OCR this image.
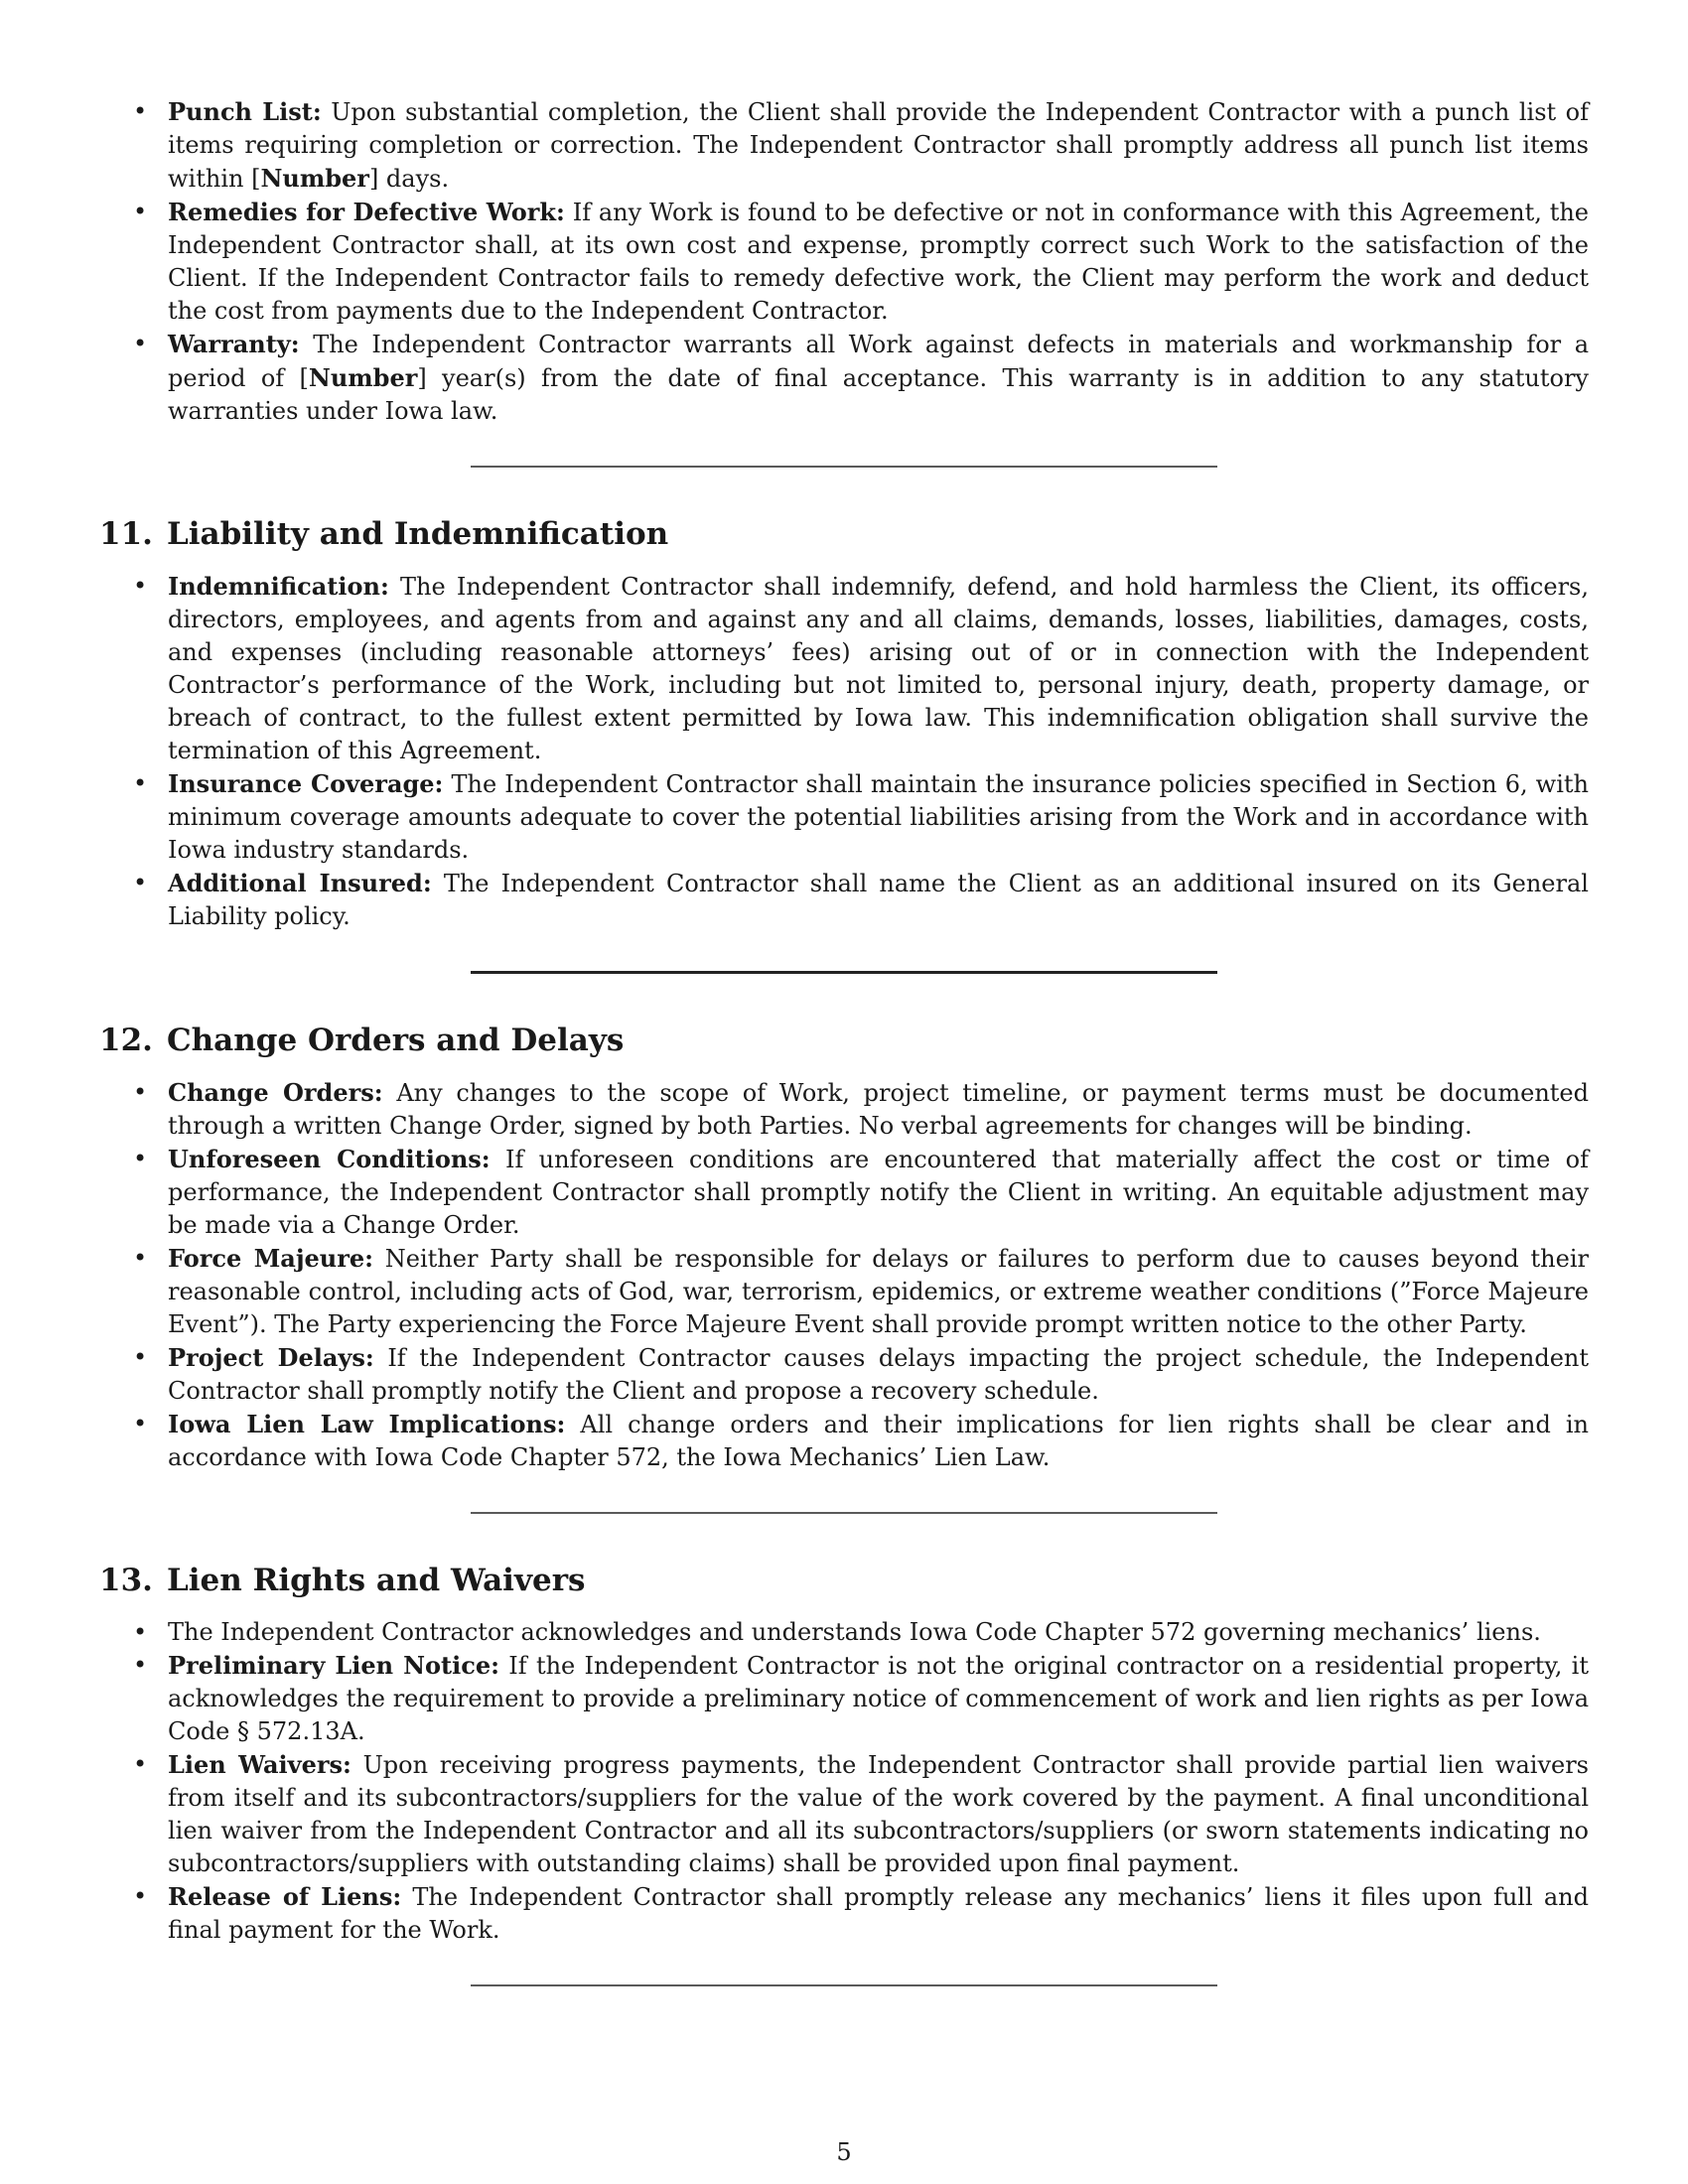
• Punch List: Upon substantial completion, the Client shall provide the Independent Contractor with a punch list of items requiring completion or correction. The Independent Contractor shall promptly address all punch list items within [Number] days.
• Remedies for Defective Work: If any Work is found to be defective or not in conformance with this Agreement, the Independent Contractor shall, at its own cost and expense, promptly correct such Work to the satisfaction of the Client. If the Independent Contractor fails to remedy defective work, the Client may perform the work and deduct the cost from payments due to the Independent Contractor.
• Warranty: The Independent Contractor warrants all Work against defects in materials and workmanship for a period of [Number] year(s) from the date of final acceptance. This warranty is in addition to any statutory warranties under Iowa law.
11. Liability and Indemnification
• Indemnification: The Independent Contractor shall indemnify, defend, and hold harmless the Client, its officers, directors, employees, and agents from and against any and all claims, demands, losses, liabilities, damages, costs, and expenses (including reasonable attorneys’ fees) arising out of or in connection with the Independent Contractor’s performance of the Work, including but not limited to, personal injury, death, property damage, or breach of contract, to the fullest extent permitted by Iowa law. This indemnification obligation shall survive the termination of this Agreement.
• Insurance Coverage: The Independent Contractor shall maintain the insurance policies specified in Section 6, with minimum coverage amounts adequate to cover the potential liabilities arising from the Work and in accordance with Iowa industry standards.
• Additional Insured: The Independent Contractor shall name the Client as an additional insured on its General Liability policy.
12. Change Orders and Delays
• Change Orders: Any changes to the scope of Work, project timeline, or payment terms must be documented through a written Change Order, signed by both Parties. No verbal agreements for changes will be binding.
• Unforeseen Conditions: If unforeseen conditions are encountered that materially affect the cost or time of performance, the Independent Contractor shall promptly notify the Client in writing. An equitable adjustment may be made via a Change Order.
• Force Majeure: Neither Party shall be responsible for delays or failures to perform due to causes beyond their reasonable control, including acts of God, war, terrorism, epidemics, or extreme weather conditions (”Force Majeure Event”). The Party experiencing the Force Majeure Event shall provide prompt written notice to the other Party.
• Project Delays: If the Independent Contractor causes delays impacting the project schedule, the Independent Contractor shall promptly notify the Client and propose a recovery schedule.
• Iowa Lien Law Implications: All change orders and their implications for lien rights shall be clear and in accordance with Iowa Code Chapter 572, the Iowa Mechanics’ Lien Law.
13. Lien Rights and Waivers
• The Independent Contractor acknowledges and understands Iowa Code Chapter 572 governing mechanics’ liens.
• Preliminary Lien Notice: If the Independent Contractor is not the original contractor on a residential property, it acknowledges the requirement to provide a preliminary notice of commencement of work and lien rights as per Iowa Code § 572.13A.
• Lien Waivers: Upon receiving progress payments, the Independent Contractor shall provide partial lien waivers from itself and its subcontractors/suppliers for the value of the work covered by the payment. A final unconditional lien waiver from the Independent Contractor and all its subcontractors/suppliers (or sworn statements indicating no subcontractors/suppliers with outstanding claims) shall be provided upon final payment.
• Release of Liens: The Independent Contractor shall promptly release any mechanics’ liens it files upon full and final payment for the Work.
5
